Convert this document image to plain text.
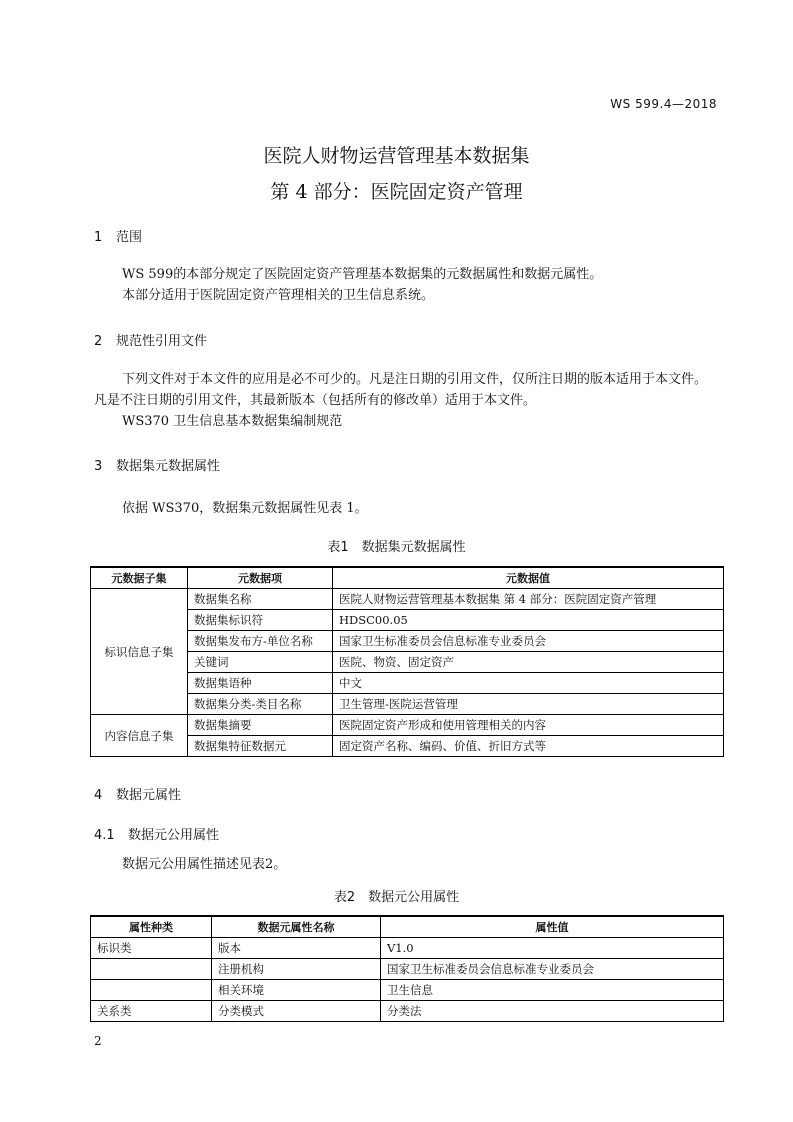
WS 599.4—2018
医院人财物运营管理基本数据集
第 4 部分：医院固定资产管理
1 范围
WS 599的本部分规定了医院固定资产管理基本数据集的元数据属性和数据元属性。
本部分适用于医院固定资产管理相关的卫生信息系统。
2 规范性引用文件
下列文件对于本文件的应用是必不可少的。凡是注日期的引用文件，仅所注日期的版本适用于本文件。凡是不注日期的引用文件，其最新版本（包括所有的修改单）适用于本文件。
WS370 卫生信息基本数据集编制规范
3 数据集元数据属性
依据 WS370，数据集元数据属性见表 1。
表1　数据集元数据属性
元数据子集	元数据项	元数据值
标识信息子集	数据集名称	医院人财物运营管理基本数据集 第 4 部分：医院固定资产管理
	数据集标识符	HDSC00.05
	数据集发布方-单位名称	国家卫生标准委员会信息标准专业委员会
	关键词	医院、物资、固定资产
	数据集语种	中文
	数据集分类-类目名称	卫生管理-医院运营管理
内容信息子集	数据集摘要	医院固定资产形成和使用管理相关的内容
	数据集特征数据元	固定资产名称、编码、价值、折旧方式等
4 数据元属性
4.1 数据元公用属性
数据元公用属性描述见表2。
表2　数据元公用属性
属性种类	数据元属性名称	属性值
标识类	版本	V1.0
	注册机构	国家卫生标准委员会信息标准专业委员会
	相关环境	卫生信息
关系类	分类模式	分类法
2
